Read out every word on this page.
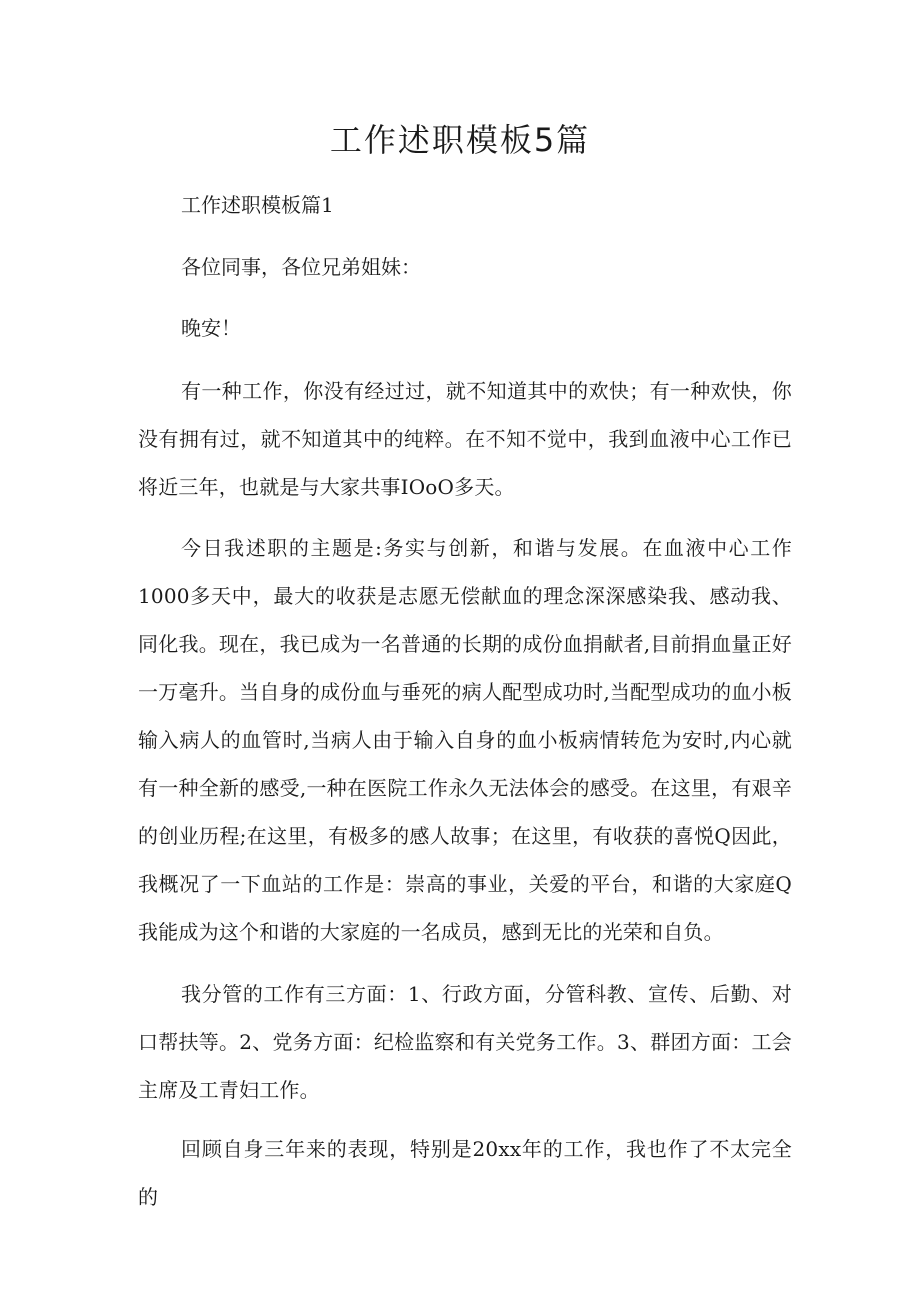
工作述职模板5篇

工作述职模板篇1

各位同事，各位兄弟姐妹：

晚安！

有一种工作，你没有经过过，就不知道其中的欢快；有一种欢快，你没有拥有过，就不知道其中的纯粹。在不知不觉中，我到血液中心工作已将近三年，也就是与大家共事IOoO多天。

今日我述职的主题是:务实与创新，和谐与发展。在血液中心工作1000多天中，最大的收获是志愿无偿献血的理念深深感染我、感动我、同化我。现在，我已成为一名普通的长期的成份血捐献者,目前捐血量正好一万毫升。当自身的成份血与垂死的病人配型成功时,当配型成功的血小板输入病人的血管时,当病人由于输入自身的血小板病情转危为安时,内心就有一种全新的感受,一种在医院工作永久无法体会的感受。在这里，有艰辛的创业历程;在这里，有极多的感人故事；在这里，有收获的喜悦Q因此，我概况了一下血站的工作是：崇高的事业，关爱的平台，和谐的大家庭Q我能成为这个和谐的大家庭的一名成员，感到无比的光荣和自负。

我分管的工作有三方面：1、行政方面，分管科教、宣传、后勤、对口帮扶等。2、党务方面：纪检监察和有关党务工作。3、群团方面：工会主席及工青妇工作。

回顾自身三年来的表现，特别是20xx年的工作，我也作了不太完全的
